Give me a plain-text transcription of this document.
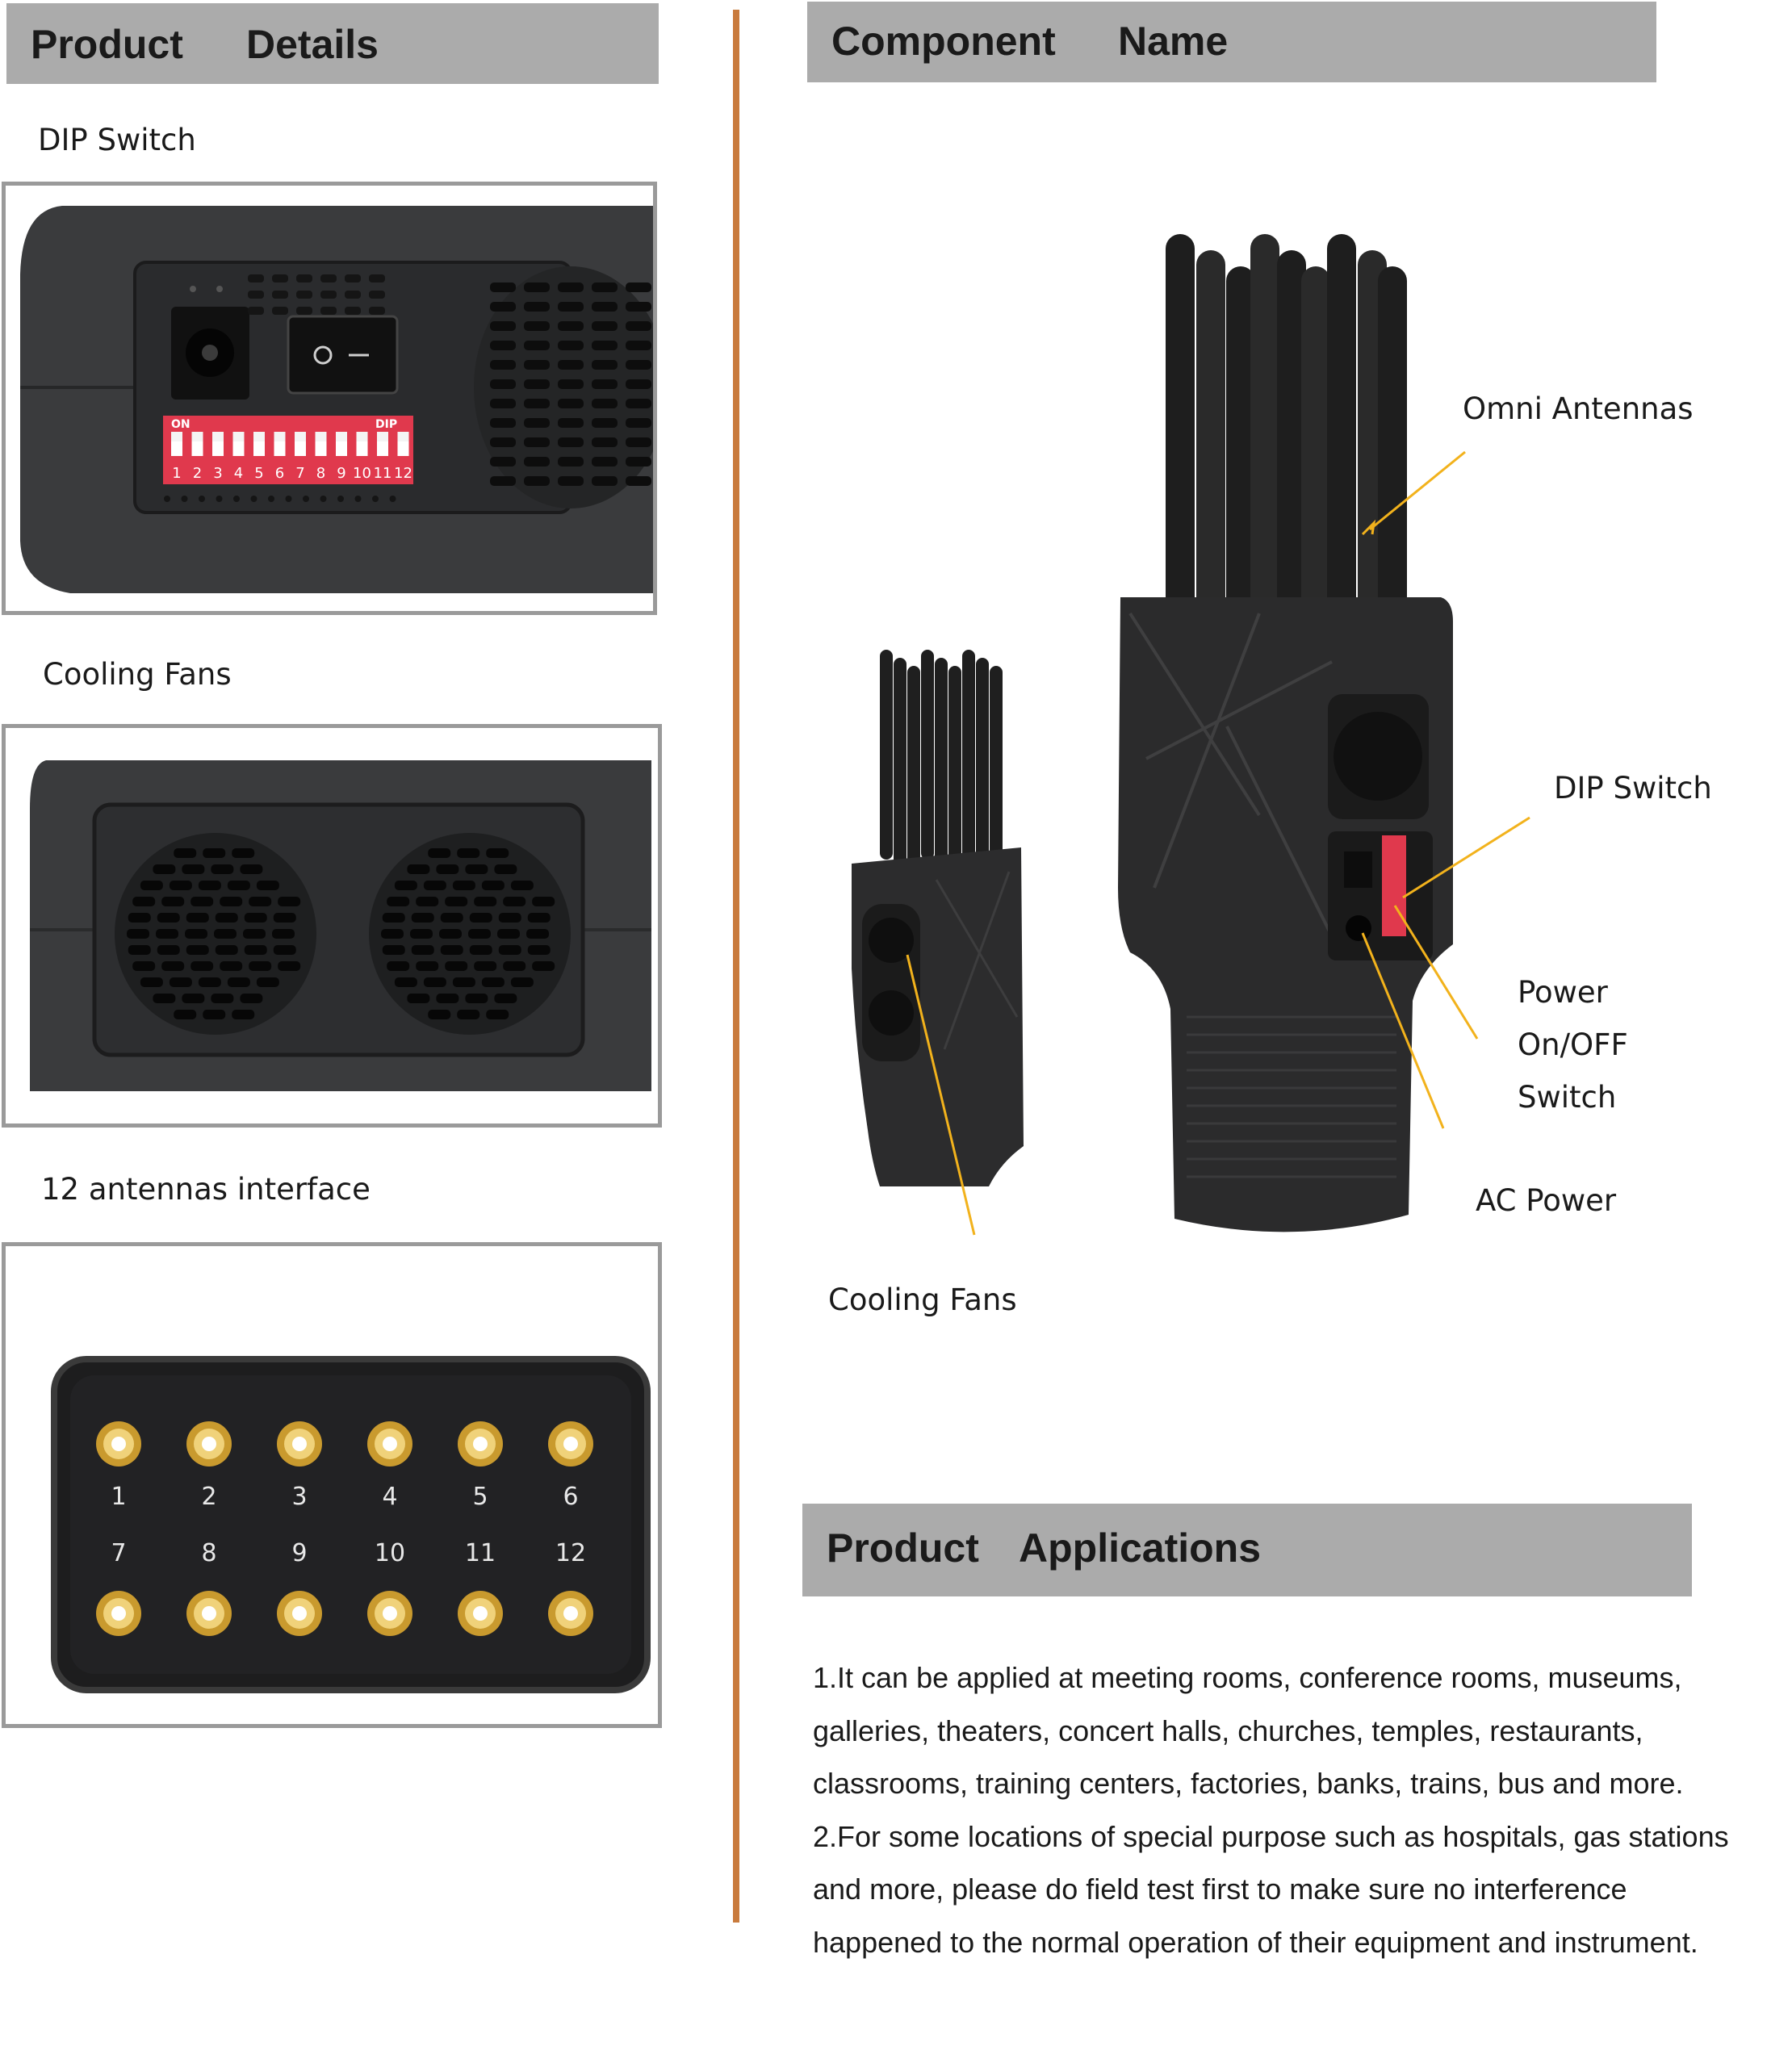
Product Details
DIP Switch
ON	DIP
1 2 3 4 5 6 7 8 9 10 11 12
Cooling Fans
12 antennas interface
1	2	3	4	5	6
7	8	9	10 11 12
Component Name
Omni Antennas
DIP Switch
Power
On/OFF
Switch
AC Power
Cooling Fans
Product Applications

1.It can be applied at meeting rooms, conference rooms, museums, galleries, theaters, concert halls, churches, temples, restaurants, classrooms, training centers, factories, banks, trains, bus and more.

2.For some locations of special purpose such as hospitals, gas stations and more, please do field test first to make sure no interference happened to the normal operation of their equipment and instrument.
